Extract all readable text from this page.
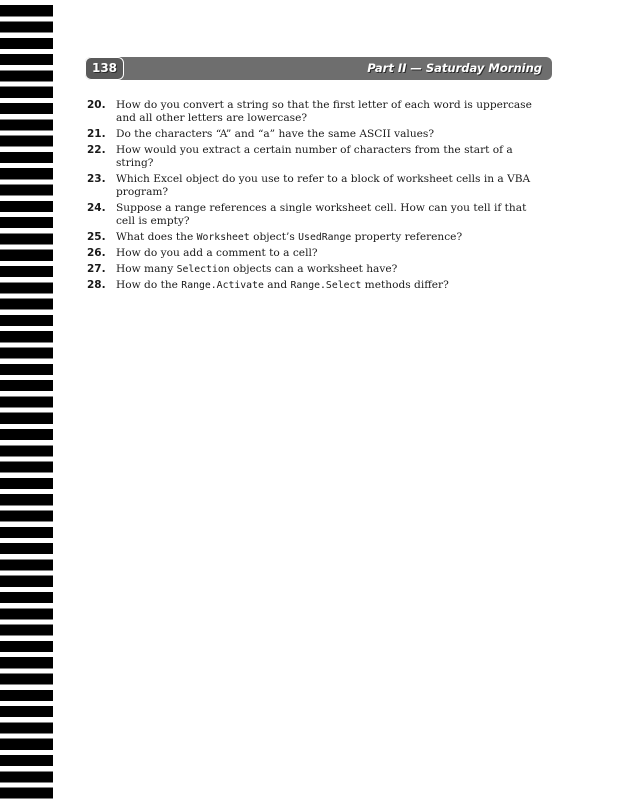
138	Part II — Saturday Morning
20. How do you convert a string so that the first letter of each word is uppercase and all other letters are lowercase?
21. Do the characters “A” and “a” have the same ASCII values?
22. How would you extract a certain number of characters from the start of a string?
23. Which Excel object do you use to refer to a block of worksheet cells in a VBA program?
24. Suppose a range references a single worksheet cell. How can you tell if that cell is empty?
25. What does the Worksheet object’s UsedRange property reference?
26. How do you add a comment to a cell?
27. How many Selection objects can a worksheet have?
28. How do the Range.Activate and Range.Select methods differ?
